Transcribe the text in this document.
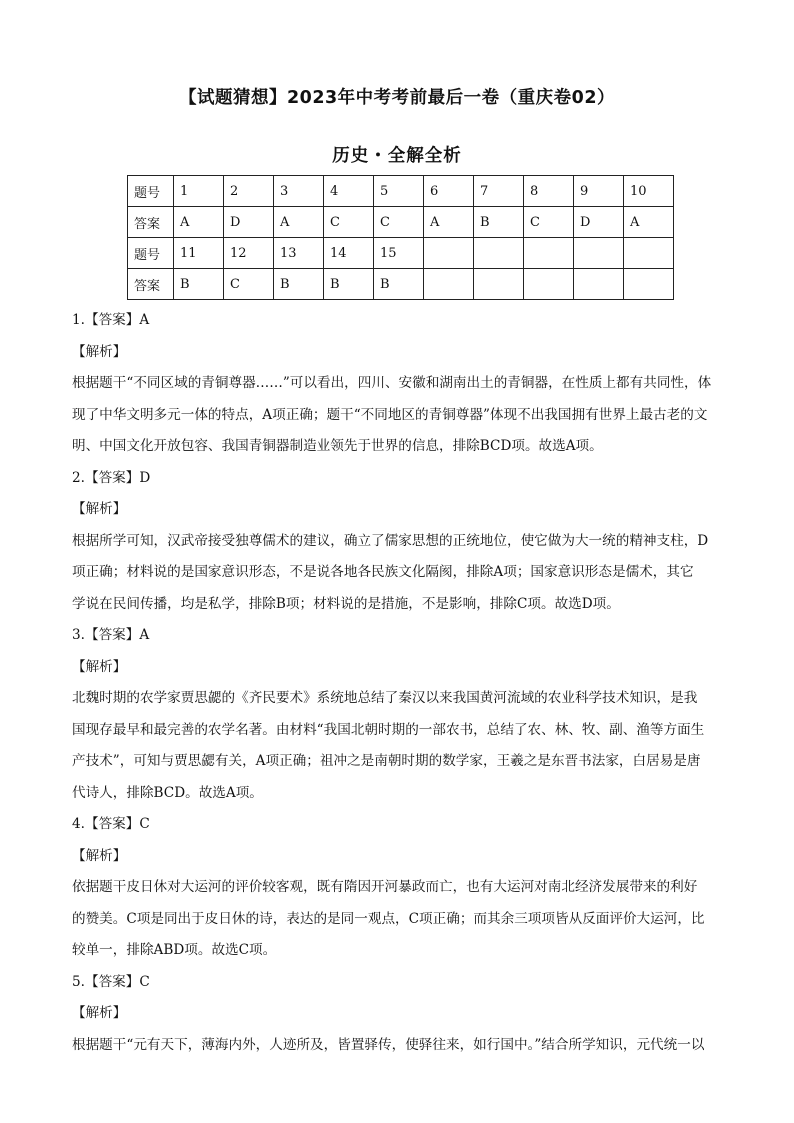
【试题猜想】2023年中考考前最后一卷（重庆卷02）
历史・全解全析
题号	1	2	3	4	5	6	7	8	9	10
答案	A	D	A	C	C	A	B	C	D	A
题号	11	12	13	14	15					
答案	B	C	B	B	B					
1.【答案】A
【解析】

根据题干“不同区域的青铜尊器……”可以看出，四川、安徽和湖南出土的青铜器，在性质上都有共同性，体

现了中华文明多元一体的特点，A项正确；题干“不同地区的青铜尊器”体现不出我国拥有世界上最古老的文

明、中国文化开放包容、我国青铜器制造业领先于世界的信息，排除BCD项。故选A项。

2.【答案】D
【解析】

根据所学可知，汉武帝接受独尊儒术的建议，确立了儒家思想的正统地位，使它做为大一统的精神支柱，D

项正确；材料说的是国家意识形态，不是说各地各民族文化隔阂，排除A项；国家意识形态是儒术，其它

学说在民间传播，均是私学，排除B项；材料说的是措施，不是影响，排除C项。故选D项。

3.【答案】A
【解析】

北魏时期的农学家贾思勰的《齐民要术》系统地总结了秦汉以来我国黄河流域的农业科学技术知识，是我

国现存最早和最完善的农学名著。由材料“我国北朝时期的一部农书，总结了农、林、牧、副、渔等方面生

产技术”，可知与贾思勰有关，A项正确；祖冲之是南朝时期的数学家，王羲之是东晋书法家，白居易是唐

代诗人，排除BCD。故选A项。

4.【答案】C
【解析】

依据题干皮日休对大运河的评价较客观，既有隋因开河暴政而亡，也有大运河对南北经济发展带来的利好

的赞美。C项是同出于皮日休的诗，表达的是同一观点，C项正确；而其余三项项皆从反面评价大运河，比

较单一，排除ABD项。故选C项。

5.【答案】C
【解析】

根据题干“元有天下，薄海内外，人迹所及，皆置驿传，使驿往来，如行国中。”结合所学知识，元代统一以
